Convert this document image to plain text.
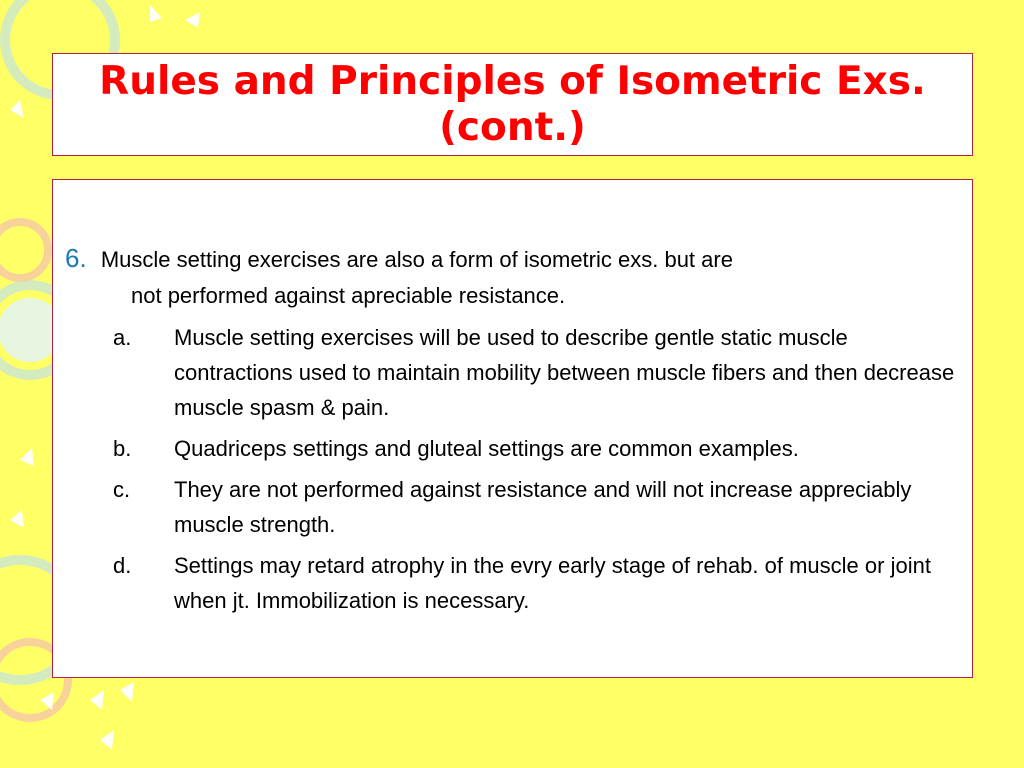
Rules and Principles of Isometric Exs.(cont.)
6. Muscle setting exercises are also a form of isometric exs. but are
not performed against apreciable resistance.
a. Muscle setting exercises will be used to describe gentle static muscle contractions used to maintain mobility between muscle fibers and then decrease muscle spasm & pain.
b. Quadriceps settings and gluteal settings are common examples.
c. They are not performed against resistance and will not increase appreciably muscle strength.
d. Settings may retard atrophy in the evry early stage of rehab. of muscle or joint when jt. Immobilization is necessary.
